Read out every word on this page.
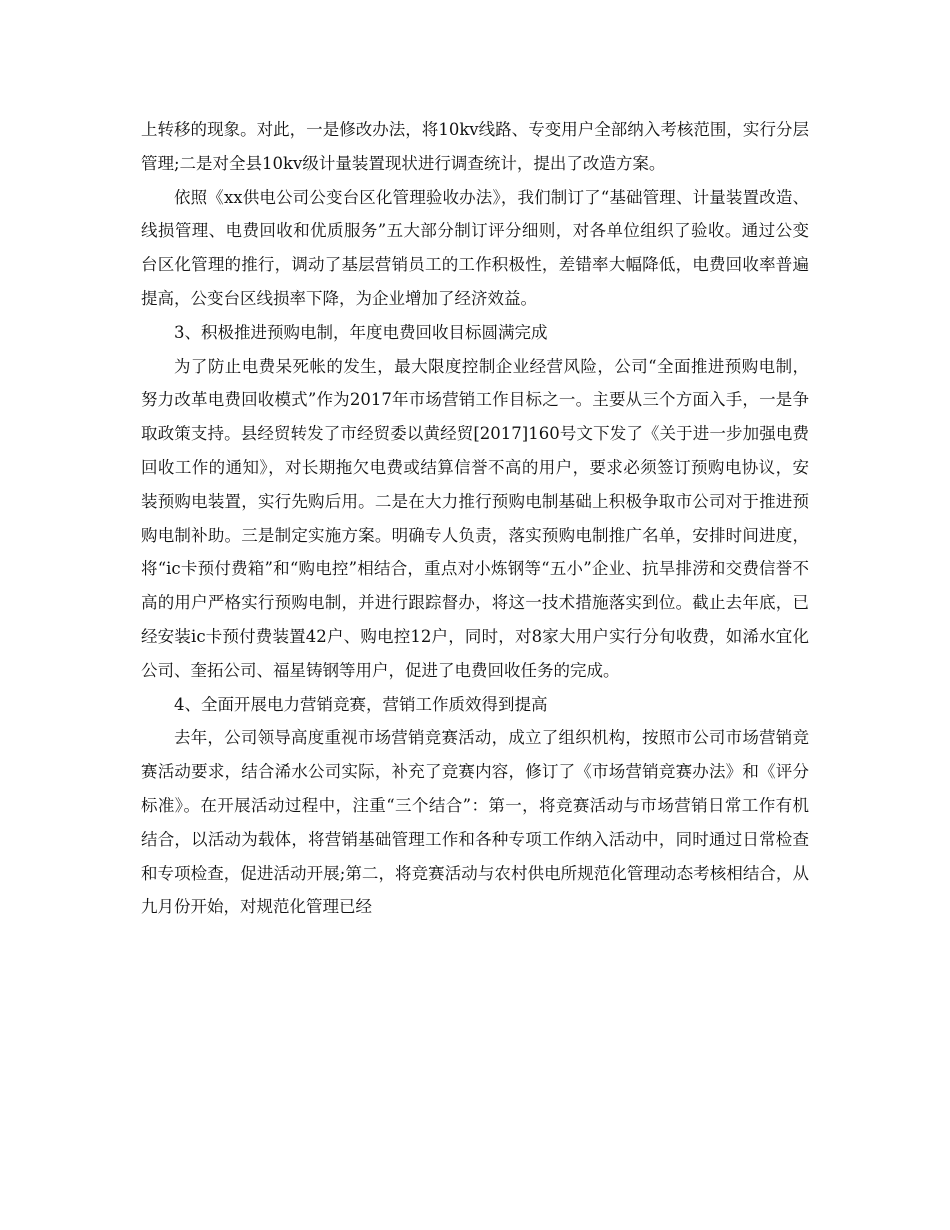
上转移的现象。对此，一是修改办法，将10kv线路、专变用户全部纳入考核范围，实行分层管理;二是对全县10kv级计量装置现状进行调查统计，提出了改造方案。

依照《xx供电公司公变台区化管理验收办法》，我们制订了“基础管理、计量装置改造、线损管理、电费回收和优质服务”五大部分制订评分细则，对各单位组织了验收。通过公变台区化管理的推行，调动了基层营销员工的工作积极性，差错率大幅降低，电费回收率普遍提高，公变台区线损率下降，为企业增加了经济效益。

3、积极推进预购电制，年度电费回收目标圆满完成

为了防止电费呆死帐的发生，最大限度控制企业经营风险，公司“全面推进预购电制，努力改革电费回收模式”作为2017年市场营销工作目标之一。主要从三个方面入手，一是争取政策支持。县经贸转发了市经贸委以黄经贸[2017]160号文下发了《关于进一步加强电费回收工作的通知》，对长期拖欠电费或结算信誉不高的用户，要求必须签订预购电协议，安装预购电装置，实行先购后用。二是在大力推行预购电制基础上积极争取市公司对于推进预购电制补助。三是制定实施方案。明确专人负责，落实预购电制推广名单，安排时间进度，将“ic卡预付费箱”和“购电控”相结合，重点对小炼钢等“五小”企业、抗旱排涝和交费信誉不高的用户严格实行预购电制，并进行跟踪督办，将这一技术措施落实到位。截止去年底，已经安装ic卡预付费装置42户、购电控12户，同时，对8家大用户实行分旬收费，如浠水宜化公司、奎拓公司、福星铸钢等用户，促进了电费回收任务的完成。

4、全面开展电力营销竞赛，营销工作质效得到提高

去年，公司领导高度重视市场营销竞赛活动，成立了组织机构，按照市公司市场营销竞赛活动要求，结合浠水公司实际，补充了竞赛内容，修订了《市场营销竞赛办法》和《评分标准》。在开展活动过程中，注重“三个结合”：第一，将竞赛活动与市场营销日常工作有机结合，以活动为载体，将营销基础管理工作和各种专项工作纳入活动中，同时通过日常检查和专项检查，促进活动开展;第二，将竞赛活动与农村供电所规范化管理动态考核相结合，从九月份开始，对规范化管理已经
